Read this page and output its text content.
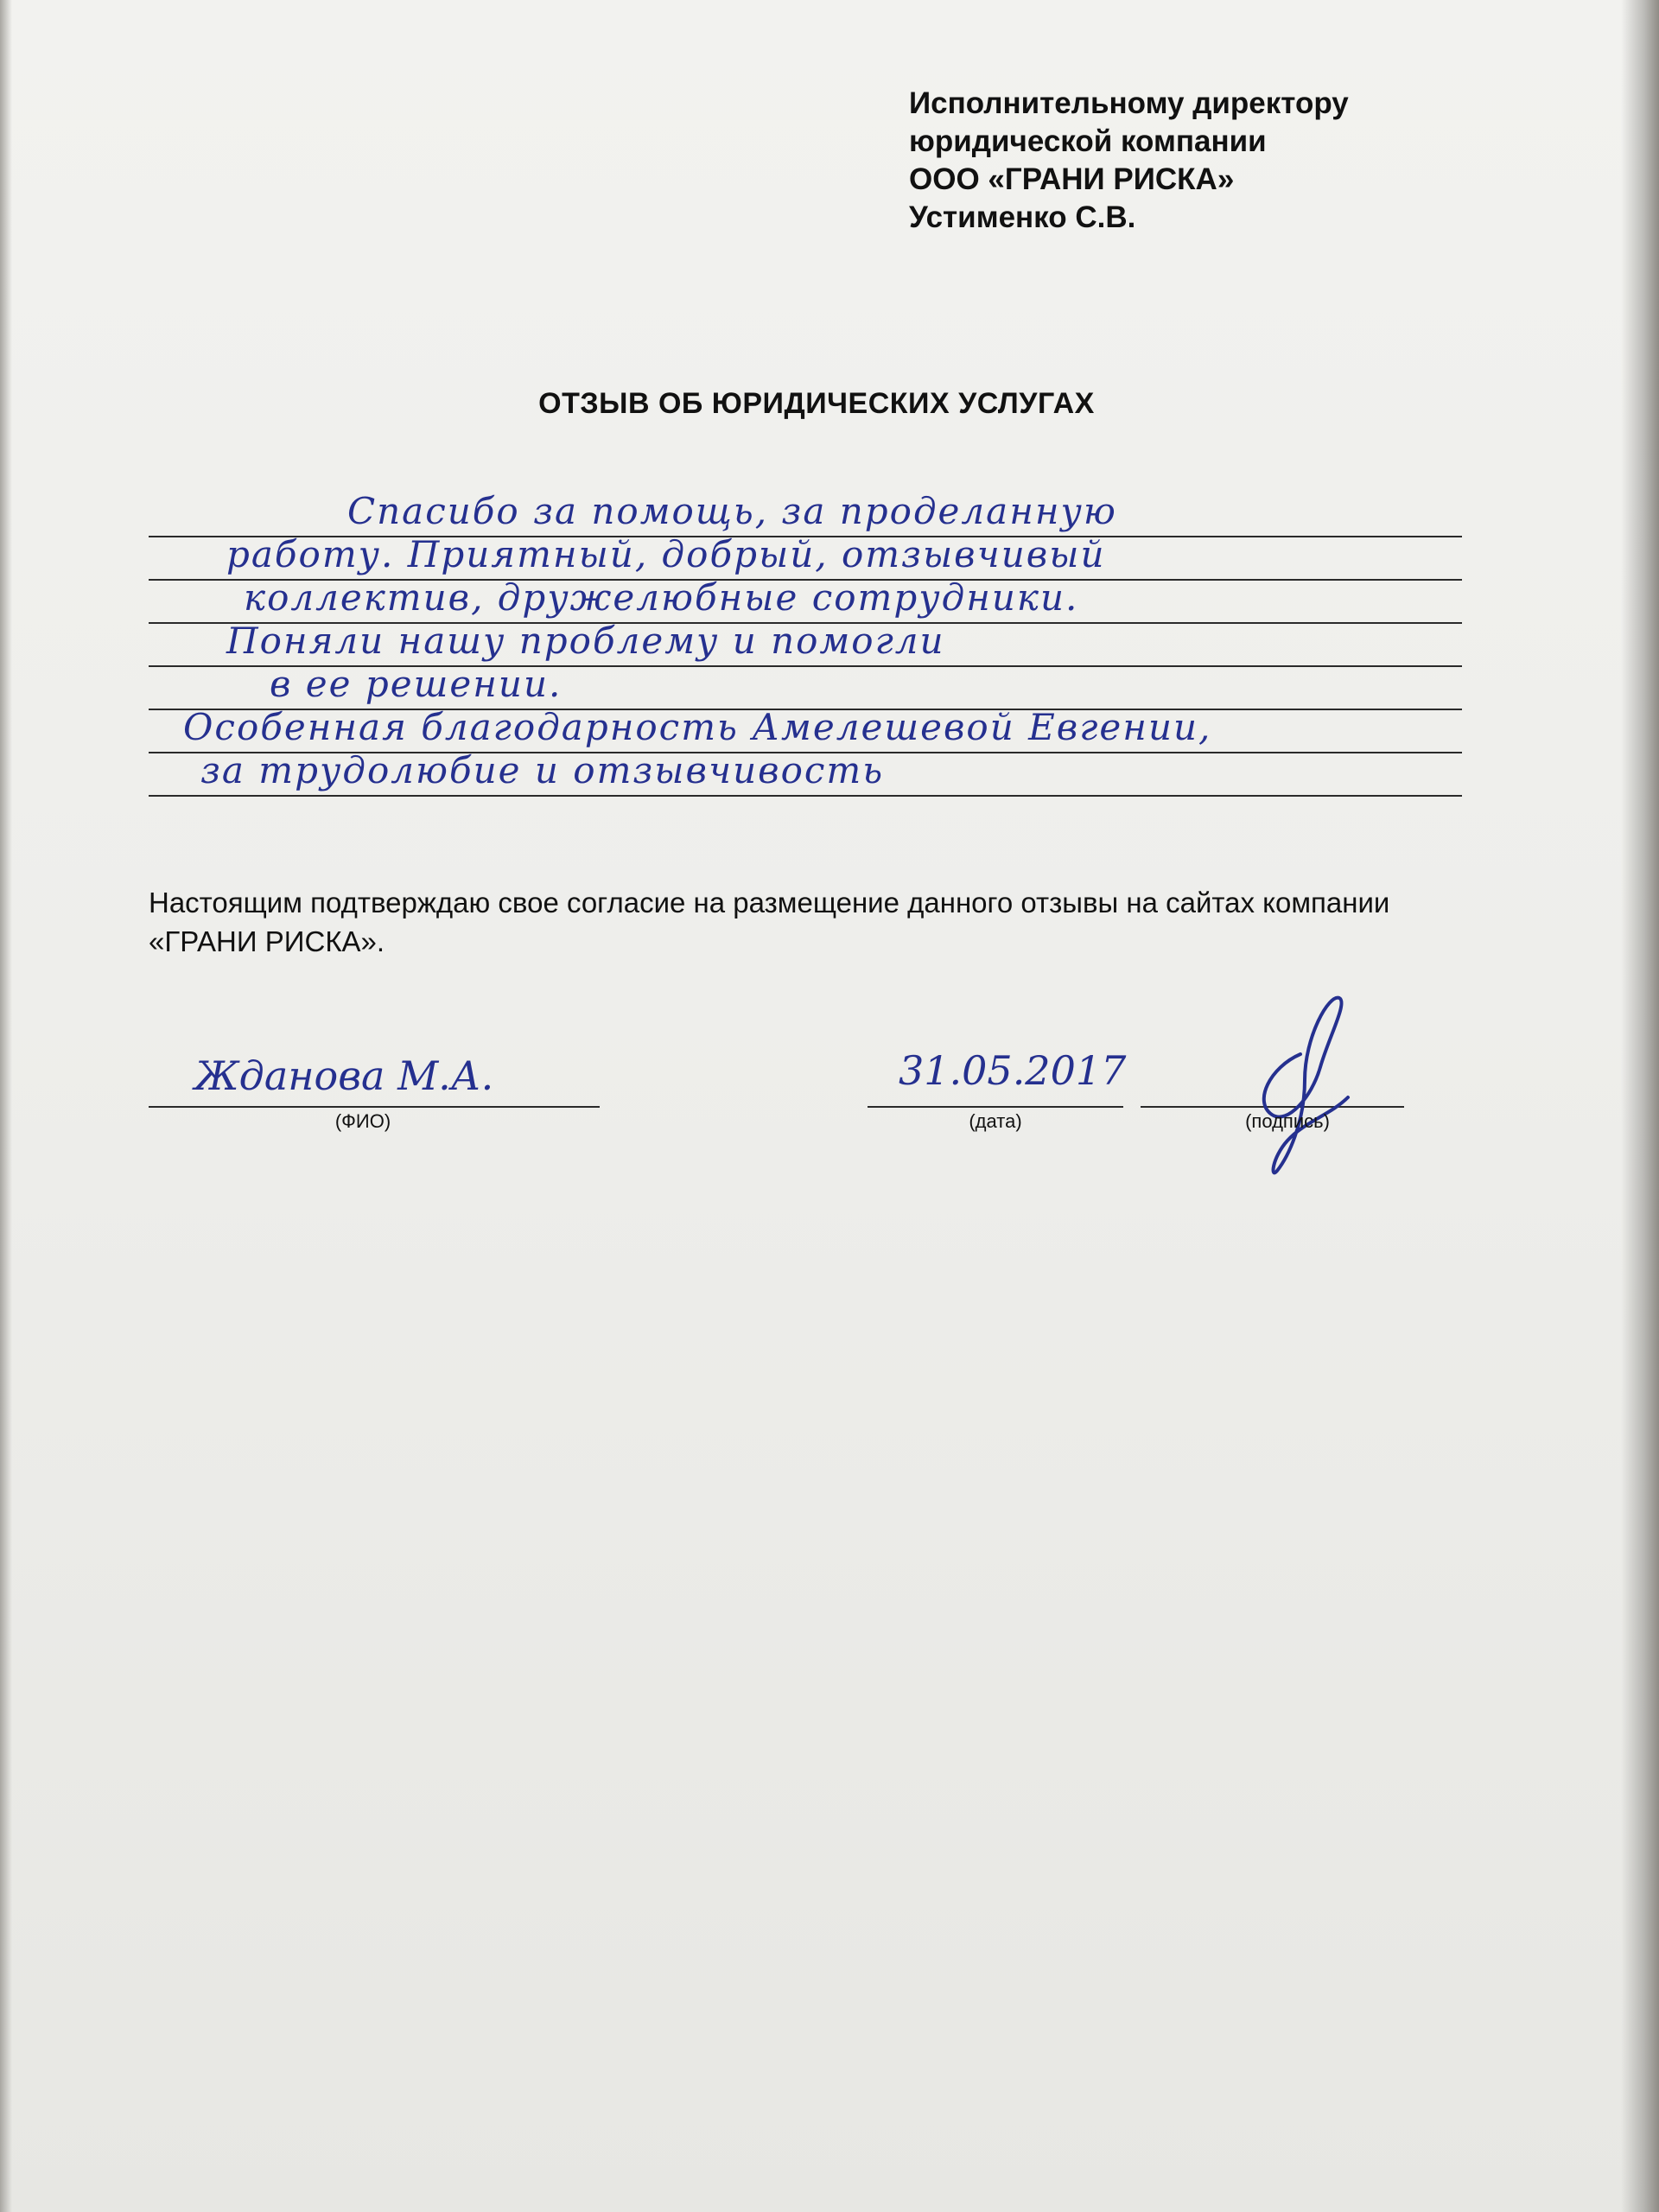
Исполнительному директору
юридической компании
ООО «ГРАНИ РИСКА»
Устименко С.В.
ОТЗЫВ ОБ ЮРИДИЧЕСКИХ УСЛУГАХ
Спасибо за помощь, за проделанную
работу. Приятный, добрый, отзывчивый
коллектив, дружелюбные сотрудники.
Поняли нашу проблему и помогли
в ее решении.
Особенная благодарность Амелешевой Евгении,
за трудолюбие и отзывчивость
Настоящим подтверждаю свое согласие на размещение данного отзывы на сайтах компании «ГРАНИ РИСКА».
Жданова М.А.
(ФИО)
31.05.2017
(дата)	(подпись)
